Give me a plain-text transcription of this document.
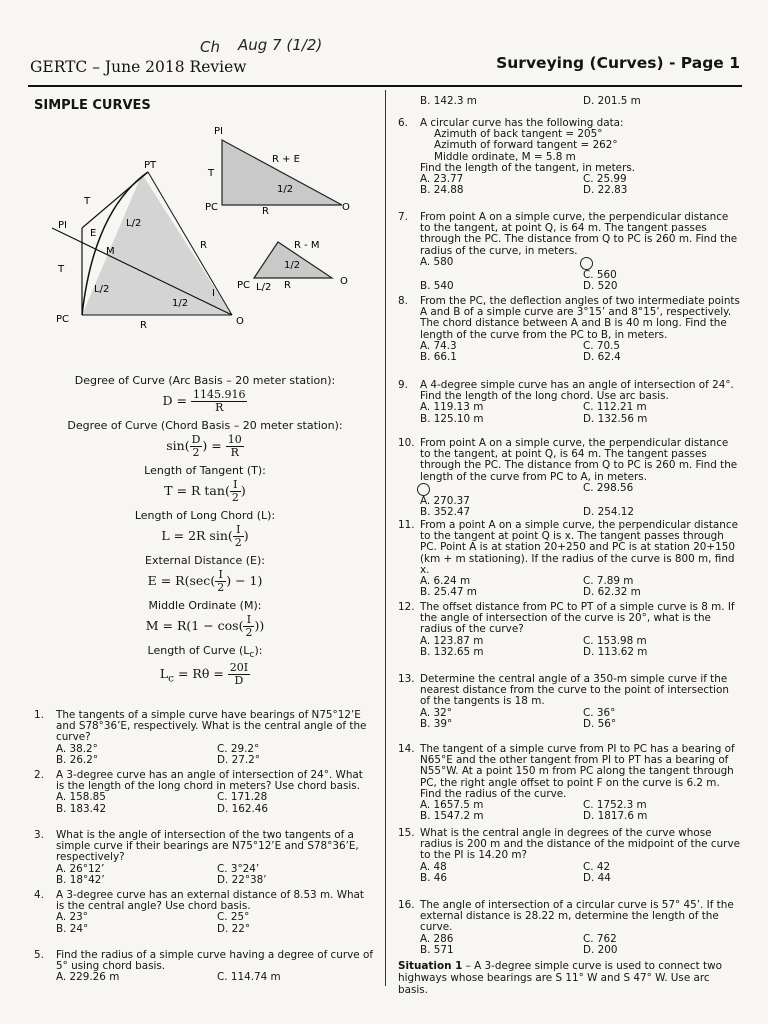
Ch Aug 7 (1/2)
GERTC – June 2018 Review	Surveying (Curves) - Page 1
SIMPLE CURVES
PI
T
PC
R + E
1/2
R	O
R - M
1/2
L/2
PC	R	O
PT
PI
T
PC
R
R
1/2
O
E
M
L/2
L/2	I
T
Degree of Curve (Arc Basis – 20 meter station):
$D = \frac{1145.916}{R}$
Degree of Curve (Chord Basis – 20 meter station):
$\sin( \frac{D}{2}$ ) = $\frac{10}{R}$
Length of Tangent (T):
T = R $\tan( \frac{I}{2}$ )
Length of Long Chord (L):
L = 2R $\sin( \frac{I}{2}$ )
External Distance (E):
$E = R(\sec( \frac{I}{2}$ ) − 1)
Middle Ordinate (M):
$M = R(1 - \cos( \frac{I}{2}$ ))
Length of Curve $(L_c)$:
$L_c = R\theta = \frac{20I}{D}$
1.	The tangents of a simple curve have bearings of N75°12’E and S78°36’E, respectively. What is the central angle of the curve?
A. 38.2°	C. 29.2°
B. 26.2°	D. 27.2°
2.	A 3-degree curve has an angle of intersection of 24°. What is the length of the long chord in meters? Use chord basis.
A. 158.85	C. 171.28
B. 183.42	D. 162.46
3.	What is the angle of intersection of the two tangents of a simple curve if their bearings are N75°12’E and S78°36’E, respectively?
A. 26°12’	C. 3°24’
B. 18°42’	D. 22°38’
4.	A 3-degree curve has an external distance of 8.53 m. What is the central angle? Use chord basis.
A. 23°	C. 25°
B. 24°	D. 22°
5.	Find the radius of a simple curve having a degree of curve of 5° using chord basis.
A. 229.26 m	C. 114.74 m
B. 142.3 m	D. 201.5 m
6.	A circular curve has the following data:
Azimuth of back tangent = 205°
Azimuth of forward tangent = 262°
Middle ordinate, M = 5.8 m
Find the length of the tangent, in meters.
A. 23.77	C. 25.99
B. 24.88	D. 22.83
7.	From point A on a simple curve, the perpendicular distance to the tangent, at point Q, is 64 m. The tangent passes through the PC. The distance from Q to PC is 260 m. Find the radius of the curve, in meters.
A. 580
C. 560
B. 540	D. 520
8.	From the PC, the deflection angles of two intermediate points A and B of a simple curve are 3°15’ and 8°15’, respectively. The chord distance between A and B is 40 m long. Find the length of the curve from the PC to B, in meters.
A. 74.3	C. 70.5
B. 66.1	D. 62.4
9.	A 4-degree simple curve has an angle of intersection of 24°. Find the length of the long chord. Use arc basis.
A. 119.13 m	C. 112.21 m
B. 125.10 m	D. 132.56 m
10. From point A on a simple curve, the perpendicular distance to the tangent, at point Q, is 64 m. The tangent passes through the PC. The distance from Q to PC is 260 m. Find the length of the curve from PC to A, in meters.
A. 270.37
C. 298.56
B. 352.47	D. 254.12
11. From a point A on a simple curve, the perpendicular distance to the tangent at point Q is x. The tangent passes through PC. Point A is at station 20+250 and PC is at station 20+150 (km + m stationing). If the radius of the curve is 800 m, find x.
A. 6.24 m	C. 7.89 m
B. 25.47 m	D. 62.32 m
12. The offset distance from PC to PT of a simple curve is 8 m. If the angle of intersection of the curve is 20°, what is the radius of the curve?
A. 123.87 m	C. 153.98 m
B. 132.65 m	D. 113.62 m
13. Determine the central angle of a 350-m simple curve if the nearest distance from the curve to the point of intersection of the tangents is 18 m.
A. 32°	C. 36°
B. 39°	D. 56°
14. The tangent of a simple curve from PI to PC has a bearing of N65°E and the other tangent from PI to PT has a bearing of N55°W. At a point 150 m from PC along the tangent through PC, the right angle offset to point F on the curve is 6.2 m. Find the radius of the curve.
A. 1657.5 m	C. 1752.3 m
B. 1547.2 m	D. 1817.6 m
15. What is the central angle in degrees of the curve whose radius is 200 m and the distance of the midpoint of the curve to the PI is 14.20 m?
A. 48	C. 42
B. 46	D. 44
16. The angle of intersection of a circular curve is 57° 45’. If the external distance is 28.22 m, determine the length of the curve.
A. 286	C. 762
B. 571	D. 200
Situation 1 – A 3-degree simple curve is used to connect two highways whose bearings are S 11° W and S 47° W. Use arc basis.
